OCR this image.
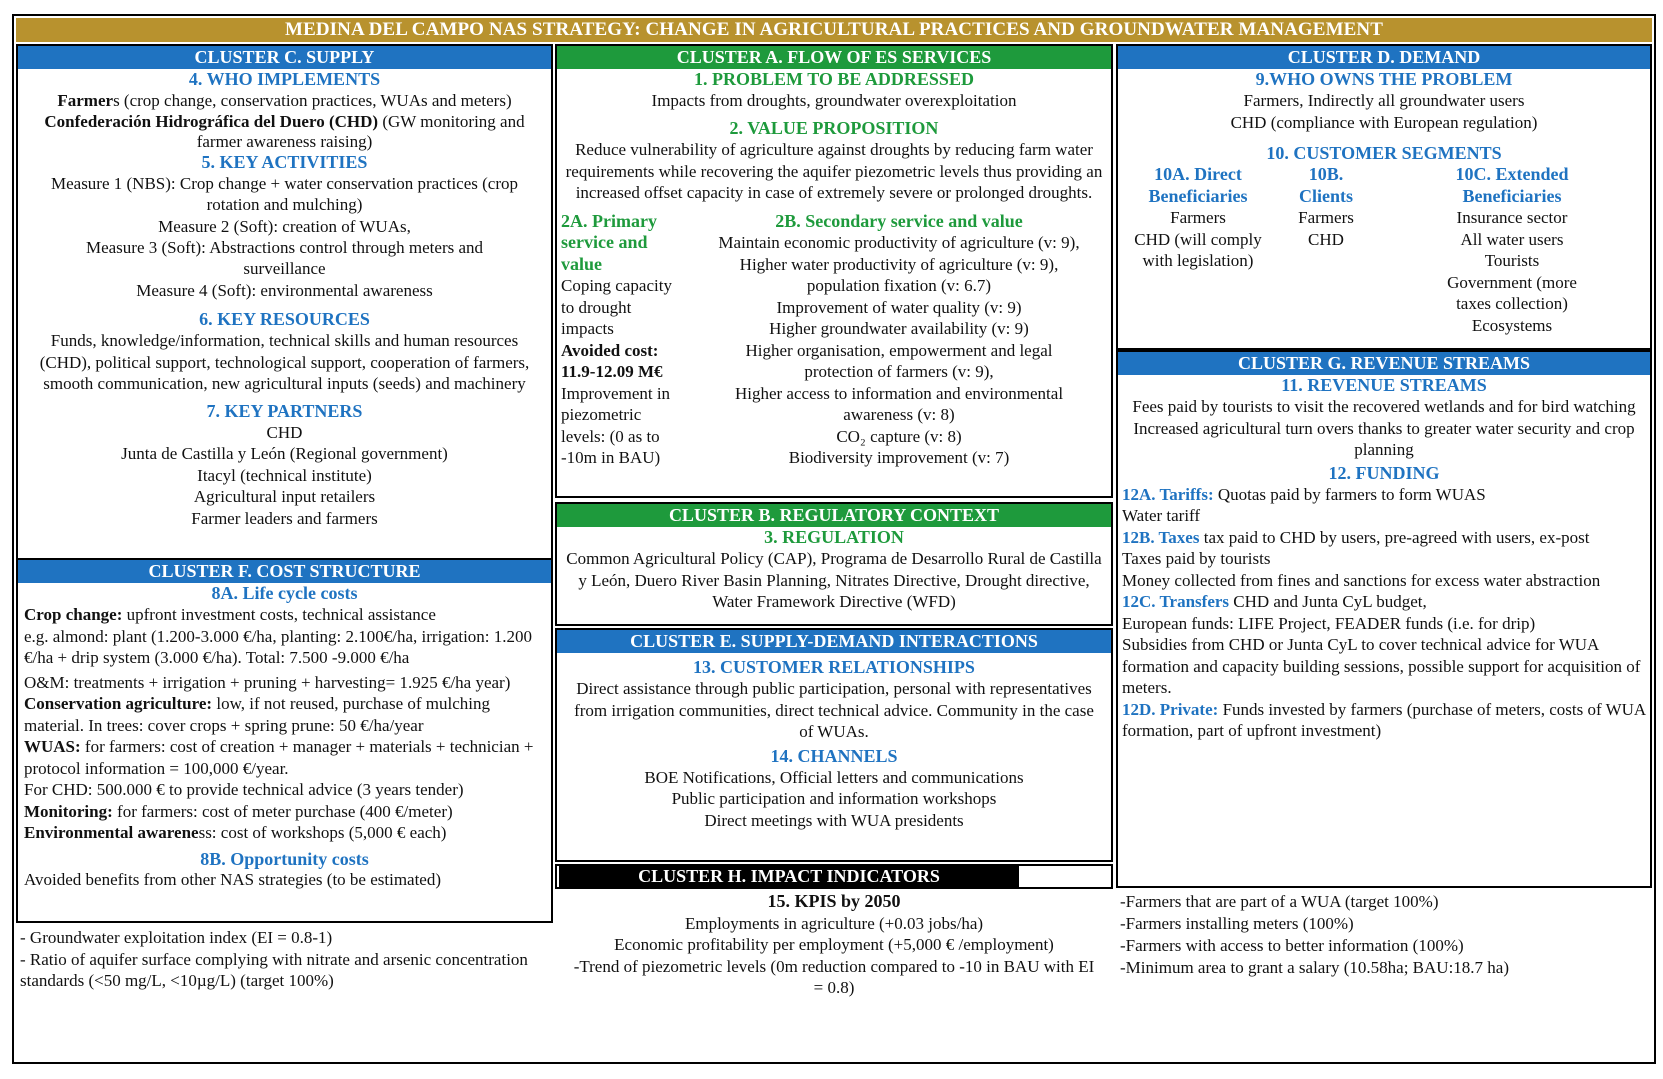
MEDINA DEL CAMPO NAS STRATEGY: CHANGE IN AGRICULTURAL PRACTICES AND GROUNDWATER MANAGEMENT
CLUSTER C. SUPPLY
4. WHO IMPLEMENTS
Farmers (crop change, conservation practices, WUAs and meters)
Confederación Hidrográfica del Duero (CHD) (GW monitoring and farmer awareness raising)
5. KEY ACTIVITIES
Measure 1 (NBS): Crop change + water conservation practices (crop rotation and mulching)
Measure 2 (Soft): creation of WUAs,
Measure 3 (Soft): Abstractions control through meters and surveillance
Measure 4 (Soft): environmental awareness
6. KEY RESOURCES
Funds, knowledge/information, technical skills and human resources (CHD), political support, technological support, cooperation of farmers, smooth communication, new agricultural inputs (seeds) and machinery
7. KEY PARTNERS
CHD
Junta de Castilla y León (Regional government)
Itacyl (technical institute)
Agricultural input retailers
Farmer leaders and farmers
CLUSTER F. COST STRUCTURE
8A. Life cycle costs
Crop change: upfront investment costs, technical assistance
e.g. almond: plant (1.200-3.000 €/ha, planting: 2.100€/ha, irrigation: 1.200 €/ha + drip system (3.000 €/ha). Total: 7.500 -9.000 €/ha
O&M: treatments + irrigation + pruning + harvesting= 1.925 €/ha year)
Conservation agriculture: low, if not reused, purchase of mulching material. In trees: cover crops + spring prune: 50 €/ha/year
WUAS: for farmers: cost of creation + manager + materials + technician + protocol information = 100,000 €/year.
For CHD: 500.000 € to provide technical advice (3 years tender)
Monitoring: for farmers: cost of meter purchase (400 €/meter)
Environmental awareness: cost of workshops (5,000 € each)
8B. Opportunity costs
Avoided benefits from other NAS strategies (to be estimated)
- Groundwater exploitation index (EI = 0.8-1)
- Ratio of aquifer surface complying with nitrate and arsenic concentration standards (<50 mg/L, <10µg/L) (target 100%)
CLUSTER A. FLOW OF ES SERVICES
1. PROBLEM TO BE ADDRESSED
Impacts from droughts, groundwater overexploitation
2. VALUE PROPOSITION
Reduce vulnerability of agriculture against droughts by reducing farm water requirements while recovering the aquifer piezometric levels thus providing an increased offset capacity in case of extremely severe or prolonged droughts.
2A. Primary service and value
Coping capacity to drought impacts
Avoided cost:
11.9-12.09 M€
Improvement in piezometric levels: (0 as to -10m in BAU)
2B. Secondary service and value
Maintain economic productivity of agriculture (v: 9),
Higher water productivity of agriculture (v: 9),
population fixation (v: 6.7)
Improvement of water quality (v: 9)
Higher groundwater availability (v: 9)
Higher organisation, empowerment and legal protection of farmers (v: 9),
Higher access to information and environmental awareness (v: 8)
CO₂ capture (v: 8)
Biodiversity improvement (v: 7)
CLUSTER B. REGULATORY CONTEXT
3. REGULATION
Common Agricultural Policy (CAP), Programa de Desarrollo Rural de Castilla y León, Duero River Basin Planning, Nitrates Directive, Drought directive, Water Framework Directive (WFD)
CLUSTER E. SUPPLY-DEMAND INTERACTIONS
13. CUSTOMER RELATIONSHIPS
Direct assistance through public participation, personal with representatives from irrigation communities, direct technical advice. Community in the case of WUAs.
14. CHANNELS
BOE Notifications, Official letters and communications
Public participation and information workshops
Direct meetings with WUA presidents
CLUSTER H. IMPACT INDICATORS
15. KPIS by 2050
Employments in agriculture (+0.03 jobs/ha)
Economic profitability per employment (+5,000 € /employment)
-Trend of piezometric levels (0m reduction compared to -10 in BAU with EI = 0.8)
CLUSTER D. DEMAND
9.WHO OWNS THE PROBLEM
Farmers, Indirectly all groundwater users
CHD (compliance with European regulation)
10. CUSTOMER SEGMENTS
10A. Direct Beneficiaries
Farmers
CHD (will comply with legislation)
10B. Clients
Farmers
CHD
10C. Extended Beneficiaries
Insurance sector
All water users
Tourists
Government (more taxes collection)
Ecosystems
CLUSTER G. REVENUE STREAMS
11. REVENUE STREAMS
Fees paid by tourists to visit the recovered wetlands and for bird watching
Increased agricultural turn overs thanks to greater water security and crop planning
12. FUNDING
12A. Tariffs: Quotas paid by farmers to form WUAS
Water tariff
12B. Taxes tax paid to CHD by users, pre-agreed with users, ex-post
Taxes paid by tourists
Money collected from fines and sanctions for excess water abstraction
12C. Transfers CHD and Junta CyL budget,
European funds: LIFE Project, FEADER funds (i.e. for drip)
Subsidies from CHD or Junta CyL to cover technical advice for WUA formation and capacity building sessions, possible support for acquisition of meters.
12D. Private: Funds invested by farmers (purchase of meters, costs of WUA formation, part of upfront investment)
-Farmers that are part of a WUA (target 100%)
-Farmers installing meters (100%)
-Farmers with access to better information (100%)
-Minimum area to grant a salary (10.58ha; BAU:18.7 ha)
